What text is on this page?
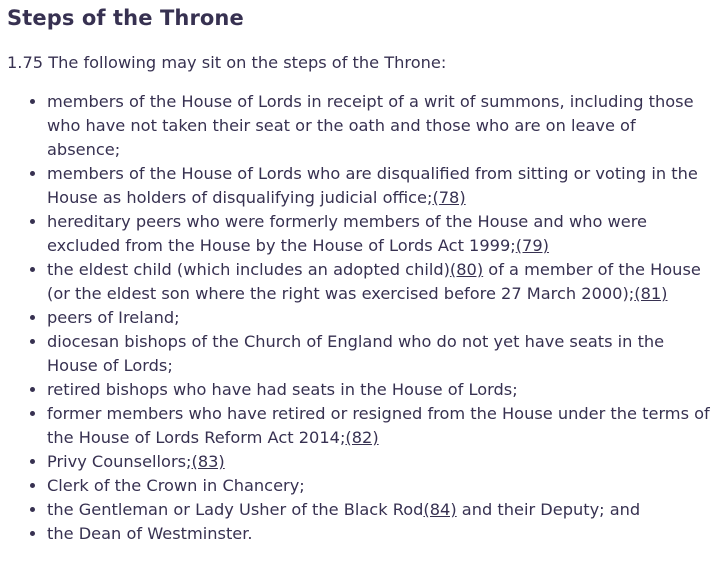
Steps of the Throne

1.75 The following may sit on the steps of the Throne:

• members of the House of Lords in receipt of a writ of summons, including those who have not taken their seat or the oath and those who are on leave of absence;
• members of the House of Lords who are disqualified from sitting or voting in the House as holders of disqualifying judicial office;(78)
• hereditary peers who were formerly members of the House and who were excluded from the House by the House of Lords Act 1999;(79)
• the eldest child (which includes an adopted child)(80) of a member of the House (or the eldest son where the right was exercised before 27 March 2000);(81)
• peers of Ireland;
• diocesan bishops of the Church of England who do not yet have seats in the House of Lords;
• retired bishops who have had seats in the House of Lords;
• former members who have retired or resigned from the House under the terms of the House of Lords Reform Act 2014;(82)
• Privy Counsellors;(83)
• Clerk of the Crown in Chancery;
• the Gentleman or Lady Usher of the Black Rod(84) and their Deputy; and
• the Dean of Westminster.
